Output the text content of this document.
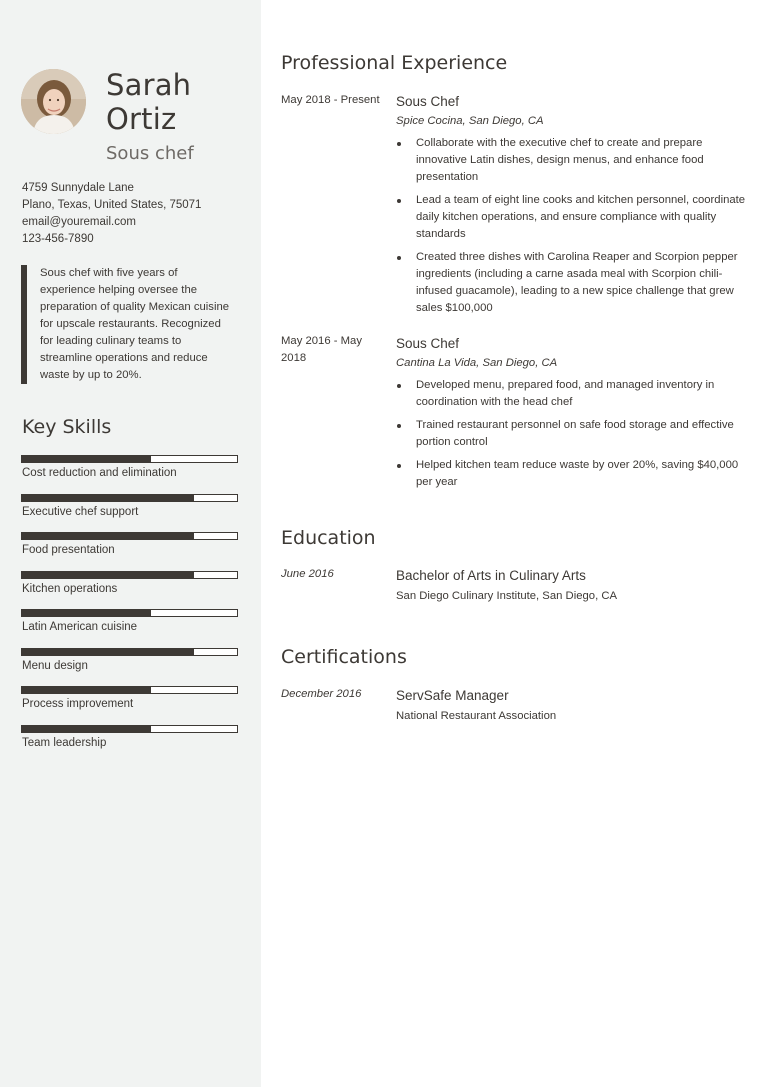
Sarah
Ortiz
Sous chef
4759 Sunnydale Lane
Plano, Texas, United States, 75071
email@youremail.com
123-456-7890
Sous chef with five years of experience helping oversee the preparation of quality Mexican cuisine for upscale restaurants. Recognized for leading culinary teams to streamline operations and reduce waste by up to 20%.
Key Skills
Cost reduction and elimination
Executive chef support
Food presentation
Kitchen operations
Latin American cuisine
Menu design
Process improvement
Team leadership
Professional Experience
May 2018 - Present Sous Chef
Spice Cocina, San Diego, CA
Collaborate with the executive chef to create and prepare innovative Latin dishes, design menus, and enhance food presentation
Lead a team of eight line cooks and kitchen personnel, coordinate daily kitchen operations, and ensure compliance with quality standards
Created three dishes with Carolina Reaper and Scorpion pepper ingredients (including a carne asada meal with Scorpion chili-infused guacamole), leading to a new spice challenge that grew sales $100,000
May 2016 - May 2018
Sous Chef
Cantina La Vida, San Diego, CA
Developed menu, prepared food, and managed inventory in coordination with the head chef
Trained restaurant personnel on safe food storage and effective portion control
Helped kitchen team reduce waste by over 20%, saving $40,000 per year
Education
June 2016	Bachelor of Arts in Culinary Arts
San Diego Culinary Institute, San Diego, CA
Certifications
December 2016	ServSafe Manager
National Restaurant Association
